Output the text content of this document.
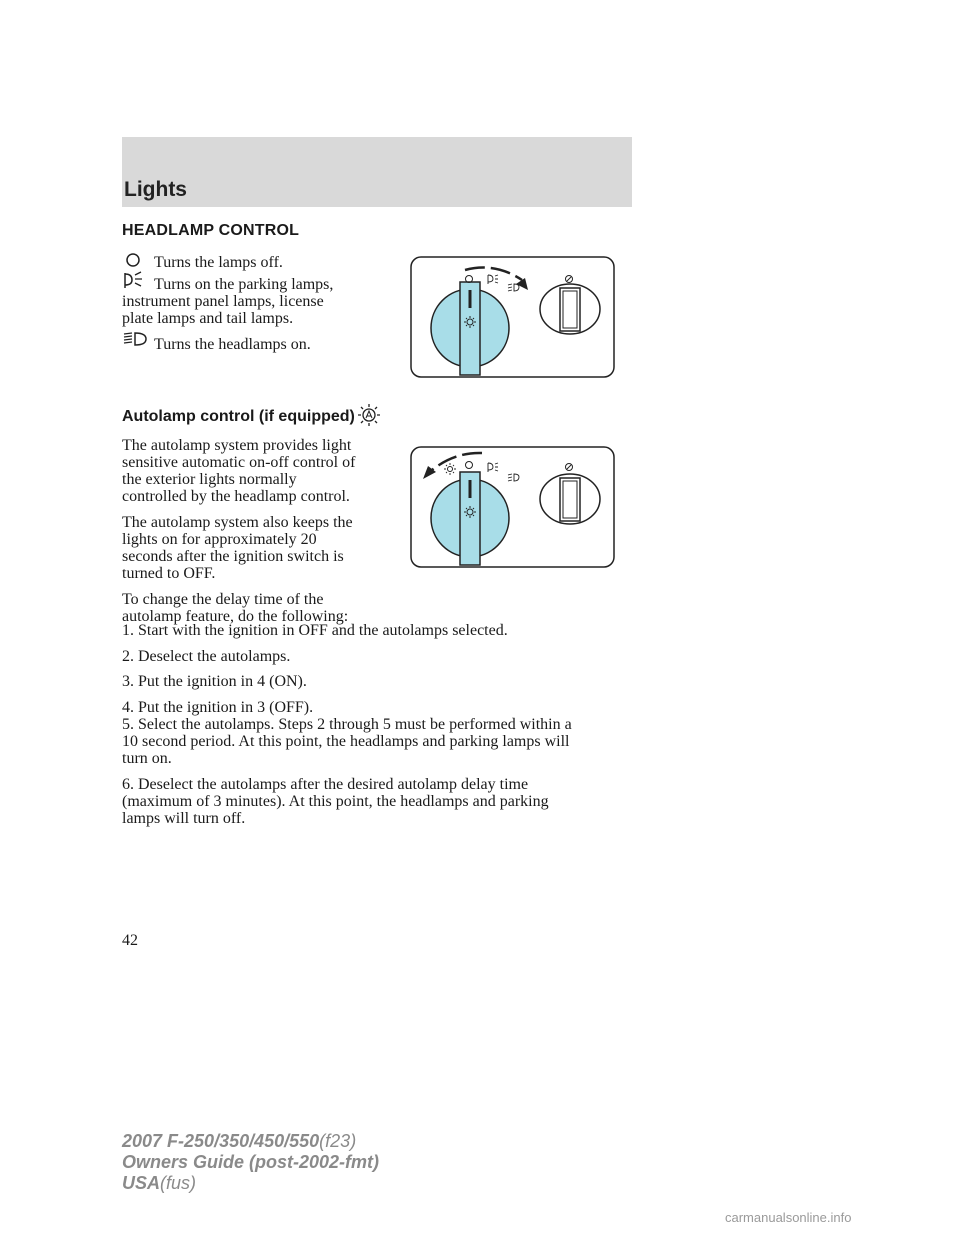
Lights
HEADLAMP CONTROL

Turns the lamps off.

Turns on the parking lamps,

instrument panel lamps, license

plate lamps and tail lamps.

Turns the headlamps on.

Autolamp control (if equipped)

The autolamp system provides light

sensitive automatic on-off control of

the exterior lights normally

controlled by the headlamp control.

The autolamp system also keeps the

lights on for approximately 20

seconds after the ignition switch is

turned to OFF.

To change the delay time of the

autolamp feature, do the following:

1. Start with the ignition in OFF and the autolamps selected.

2. Deselect the autolamps.

3. Put the ignition in 4 (ON).

4. Put the ignition in 3 (OFF).

5. Select the autolamps. Steps 2 through 5 must be performed within a

10 second period. At this point, the headlamps and parking lamps will

turn on.

6. Deselect the autolamps after the desired autolamp delay time

(maximum of 3 minutes). At this point, the headlamps and parking

lamps will turn off.

42
2007 F-250/350/450/550(f23)
Owners Guide (post-2002-fmt)
USA(fus)
carmanualsonline.info
